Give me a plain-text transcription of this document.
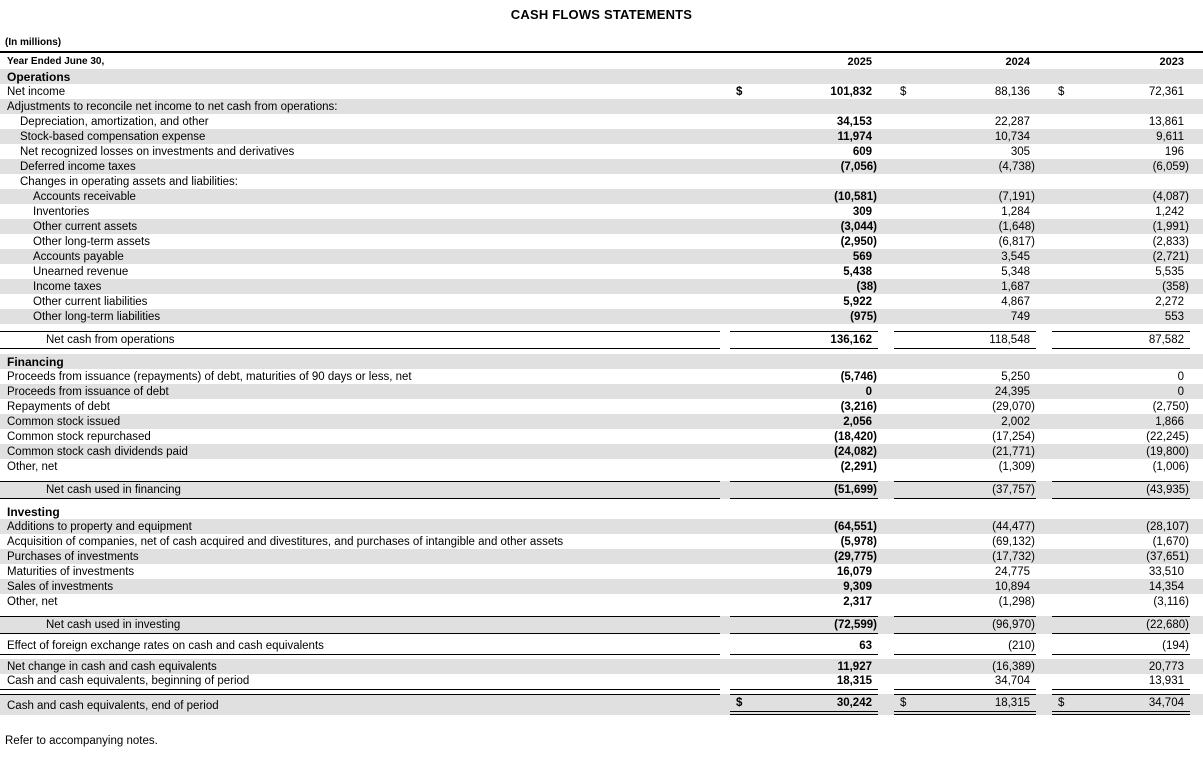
CASH FLOWS STATEMENTS
(In millions)
Year Ended June 30,	2025	2024	2023
Operations
Net income	$	101,832	$	88,136	$	72,361
Adjustments to reconcile net income to net cash from operations:
Depreciation, amortization, and other	34,153	22,287	13,861
Stock-based compensation expense	11,974	10,734	9,611
Net recognized losses on investments and derivatives	609	305	196
Deferred income taxes	(7,056)	(4,738)	(6,059)
Changes in operating assets and liabilities:
Accounts receivable	(10,581)	(7,191)	(4,087)
Inventories	309	1,284	1,242
Other current assets	(3,044)	(1,648)	(1,991)
Other long-term assets	(2,950)	(6,817)	(2,833)
Accounts payable	569	3,545	(2,721)
Unearned revenue	5,438	5,348	5,535
Income taxes	(38)	1,687	(358)
Other current liabilities	5,922	4,867	2,272
Other long-term liabilities	(975)	749	553
Net cash from operations	136,162	118,548	87,582
Financing
Proceeds from issuance (repayments) of debt, maturities of 90 days or less, net	(5,746)	5,250	0
Proceeds from issuance of debt	0	24,395	0
Repayments of debt	(3,216)	(29,070)	(2,750)
Common stock issued	2,056	2,002	1,866
Common stock repurchased	(18,420)	(17,254)	(22,245)
Common stock cash dividends paid	(24,082)	(21,771)	(19,800)
Other, net	(2,291)	(1,309)	(1,006)
Net cash used in financing	(51,699)	(37,757)	(43,935)
Investing
Additions to property and equipment	(64,551)	(44,477)	(28,107)
Acquisition of companies, net of cash acquired and divestitures, and purchases of intangible and other assets	(5,978)	(69,132)	(1,670)
Purchases of investments	(29,775)	(17,732)	(37,651)
Maturities of investments	16,079	24,775	33,510
Sales of investments	9,309	10,894	14,354
Other, net	2,317	(1,298)	(3,116)
Net cash used in investing	(72,599)	(96,970)	(22,680)
Effect of foreign exchange rates on cash and cash equivalents	63	(210)	(194)
Net change in cash and cash equivalents	11,927	(16,389)	20,773
Cash and cash equivalents, beginning of period	18,315	34,704	13,931
Cash and cash equivalents, end of period	$	30,242	$	18,315	$	34,704
Refer to accompanying notes.
